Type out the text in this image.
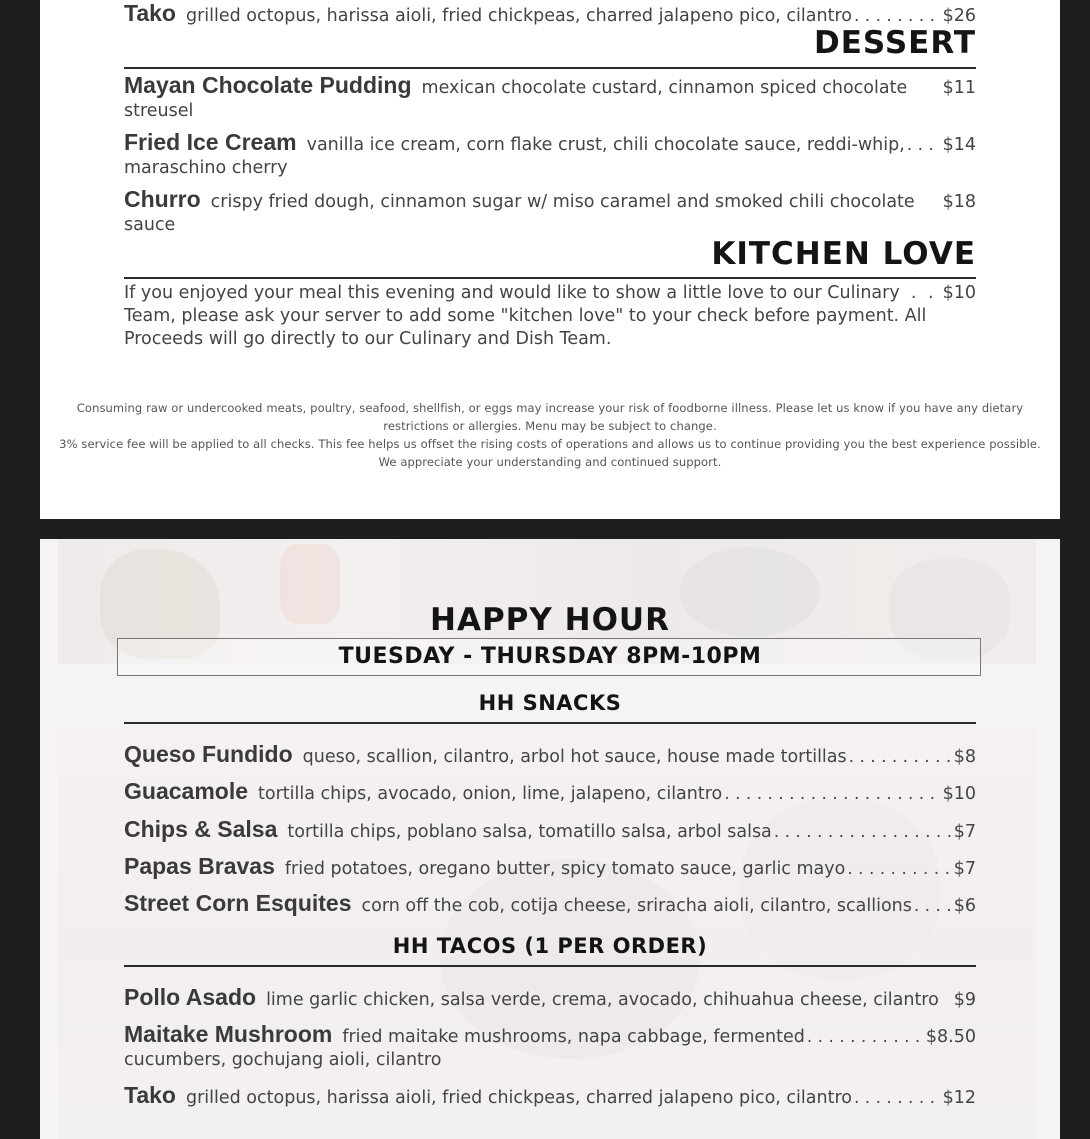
Tako grilled octopus, harissa aioli, fried chickpeas, charred jalapeno pico, cilantro . . .	$26
DESSERT
Mayan Chocolate Pudding mexican chocolate custard, cinnamon spiced chocolate $11
streusel
Fried Ice Cream vanilla ice cream, corn flake crust, chili chocolate sauce, reddi-whip, . . . $14
maraschino cherry
Churro crispy fried dough, cinnamon sugar w/ miso caramel and smoked chili chocolate $18
sauce
KITCHEN LOVE
If you enjoyed your meal this evening and would like to show a little love to our Culinary . . $10
Team, please ask your server to add some "kitchen love" to your check before payment. All
Proceeds will go directly to our Culinary and Dish Team.
Consuming raw or undercooked meats, poultry, seafood, shellfish, or eggs may increase your risk of foodborne illness. Please let us know if you have any dietary
restrictions or allergies. Menu may be subject to change.
3% service fee will be applied to all checks. This fee helps us offset the rising costs of operations and allows us to continue providing you the best experience possible.
We appreciate your understanding and continued support.
HAPPY HOUR
TUESDAY - THURSDAY 8PM-10PM
HH SNACKS
Queso Fundido queso, scallion, cilantro, arbol hot sauce, house made tortillas . . .	$8
Guacamole tortilla chips, avocado, onion, lime, jalapeno, cilantro . . .	$10
Chips & Salsa tortilla chips, poblano salsa, tomatillo salsa, arbol salsa . . .	$7
Papas Bravas fried potatoes, oregano butter, spicy tomato sauce, garlic mayo . . .	$7
Street Corn Esquites corn off the cob, cotija cheese, sriracha aioli, cilantro, scallions . . . $6
HH TACOS (1 PER ORDER)
Pollo Asado lime garlic chicken, salsa verde, crema, avocado, chihuahua cheese, cilantro $9
Maitake Mushroom fried maitake mushrooms, napa cabbage, fermented . . .	$8.50
cucumbers, gochujang aioli, cilantro
Tako grilled octopus, harissa aioli, fried chickpeas, charred jalapeno pico, cilantro . . .	$12
